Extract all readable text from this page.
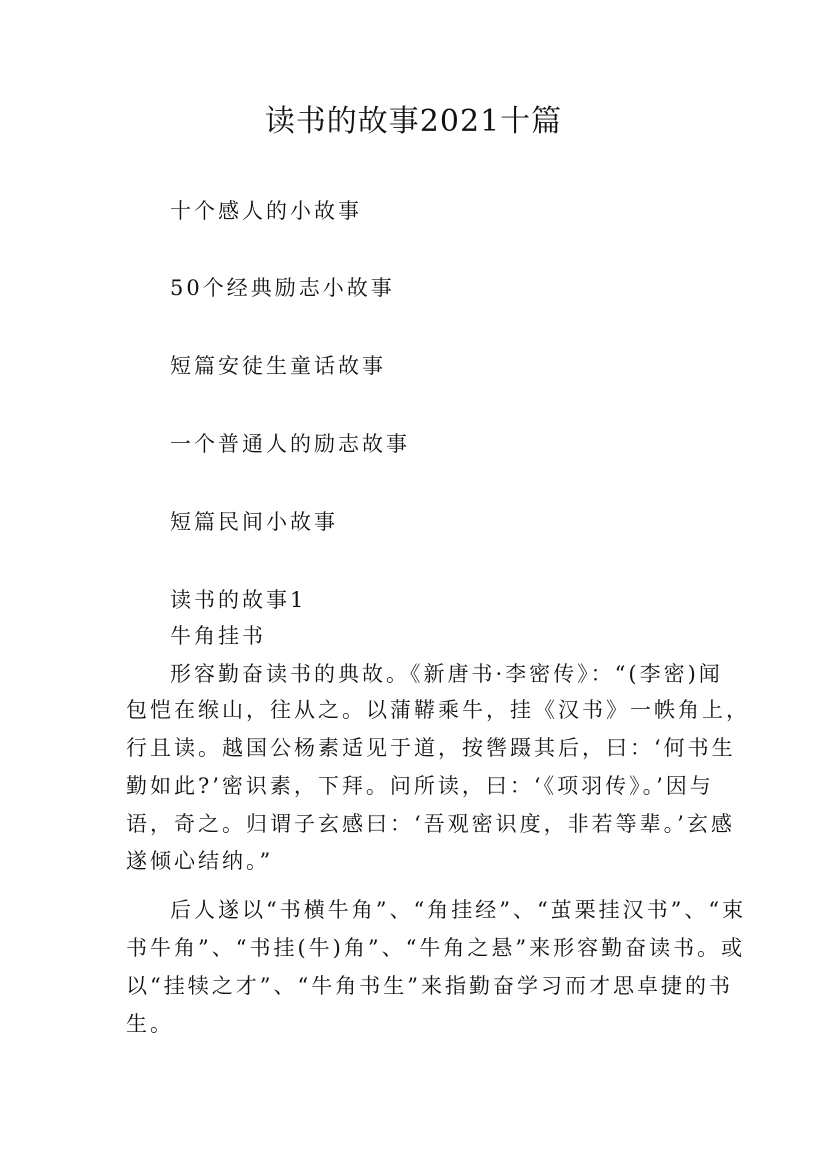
读书的故事2021十篇
十个感人的小故事
50个经典励志小故事
短篇安徒生童话故事
一个普通人的励志故事
短篇民间小故事
读书的故事1
牛角挂书
形容勤奋读书的典故。《新唐书·李密传》：“(李密)闻
包恺在缑山，往从之。以蒲鞯乘牛，挂《汉书》一帙角上，
行且读。越国公杨素适见于道，按辔蹑其后，曰：‘何书生
勤如此?’密识素，下拜。问所读，曰：‘《项羽传》。’因与
语，奇之。归谓子玄感曰：‘吾观密识度，非若等辈。’玄感
遂倾心结纳。”
后人遂以“书横牛角”、“角挂经”、“茧栗挂汉书”、“束
书牛角”、“书挂(牛)角”、“牛角之悬”来形容勤奋读书。或
以“挂犊之才”、“牛角书生”来指勤奋学习而才思卓捷的书
生。
